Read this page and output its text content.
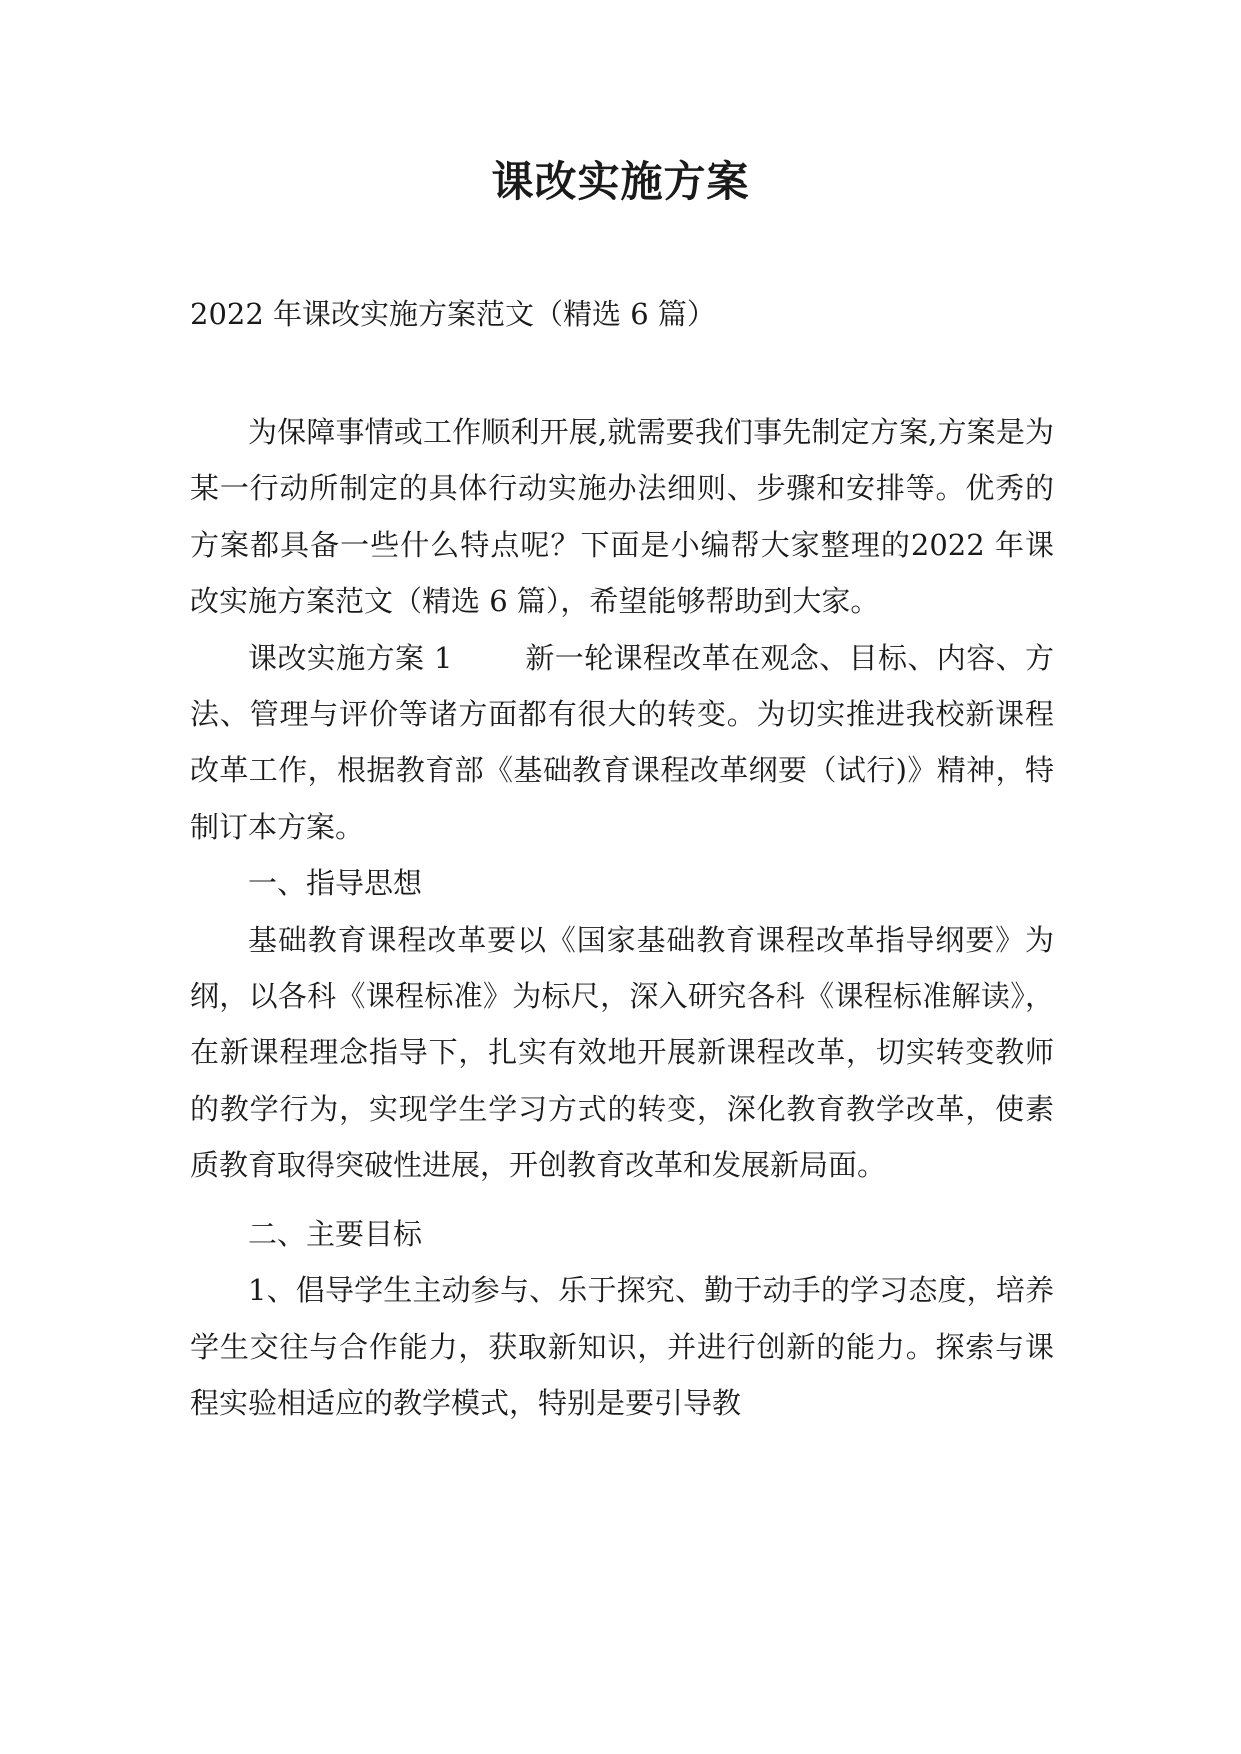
课改实施方案
2022 年课改实施方案范文（精选 6 篇）

为保障事情或工作顺利开展,就需要我们事先制定方案,方案是为某一行动所制定的具体行动实施办法细则、步骤和安排等。优秀的方案都具备一些什么特点呢？下面是小编帮大家整理的2022 年课改实施方案范文（精选 6 篇），希望能够帮助到大家。

课改实施方案 1	新一轮课程改革在观念、目标、内容、方法、管理与评价等诸方面都有很大的转变。为切实推进我校新课程改革工作，根据教育部《基础教育课程改革纲要（试行)》精神，特制订本方案。

一、指导思想

基础教育课程改革要以《国家基础教育课程改革指导纲要》为纲，以各科《课程标准》为标尺，深入研究各科《课程标准解读》，在新课程理念指导下，扎实有效地开展新课程改革，切实转变教师的教学行为，实现学生学习方式的转变，深化教育教学改革，使素质教育取得突破性进展，开创教育改革和发展新局面。

二、主要目标

1、倡导学生主动参与、乐于探究、勤于动手的学习态度，培养学生交往与合作能力，获取新知识，并进行创新的能力。探索与课程实验相适应的教学模式，特别是要引导教
